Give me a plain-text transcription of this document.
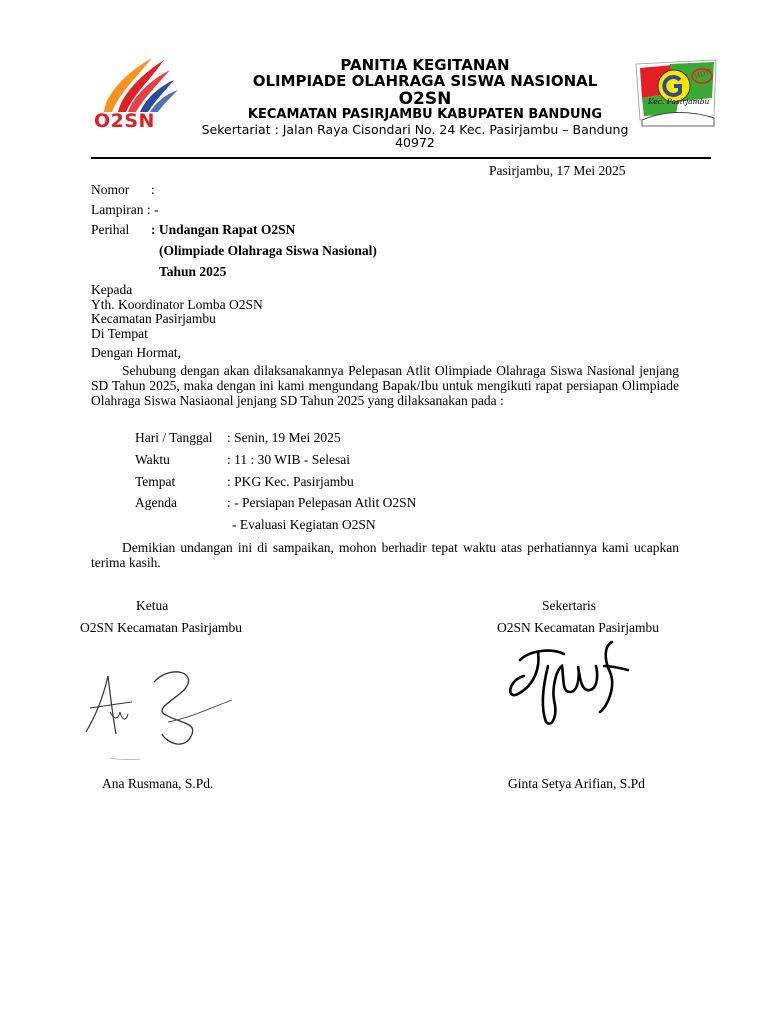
O2SN
HDR
Kec. Pasirjambu
PANITIA KEGITANAN
OLIMPIADE OLAHRAGA SISWA NASIONAL
O2SN
KECAMATAN PASIRJAMBU KABUPATEN BANDUNG
Sekertariat : Jalan Raya Cisondari No. 24 Kec. Pasirjambu – Bandung
40972
Pasirjambu, 17 Mei 2025
Nomor :
Lampiran : -
Perihal : Undangan Rapat O2SN
(Olimpiade Olahraga Siswa Nasional)
Tahun 2025
Kepada
Yth. Koordinator Lomba O2SN
Kecamatan Pasirjambu
Di Tempat
Dengan Hormat,
Sehubung dengan akan dilaksanakannya Pelepasan Atlit Olimpiade Olahraga Siswa Nasional jenjang SD Tahun 2025, maka dengan ini kami mengundang Bapak/Ibu untuk mengikuti rapat persiapan Olimpiade Olahraga Siswa Nasiaonal jenjang SD Tahun 2025 yang dilaksanakan pada :
Hari / Tanggal : Senin, 19 Mei 2025
Waktu	: 11 : 30 WIB - Selesai
Tempat	: PKG Kec. Pasirjambu
Agenda	: - Persiapan Pelepasan Atlit O2SN
- Evaluasi Kegiatan O2SN
Demikian undangan ini di sampaikan, mohon berhadir tepat waktu atas perhatiannya kami ucapkan terima kasih.
Ketua
O2SN Kecamatan Pasirjambu
Ana Rusmana, S.Pd.
Sekertaris
O2SN Kecamatan Pasirjambu
Ginta Setya Arifian, S.Pd
